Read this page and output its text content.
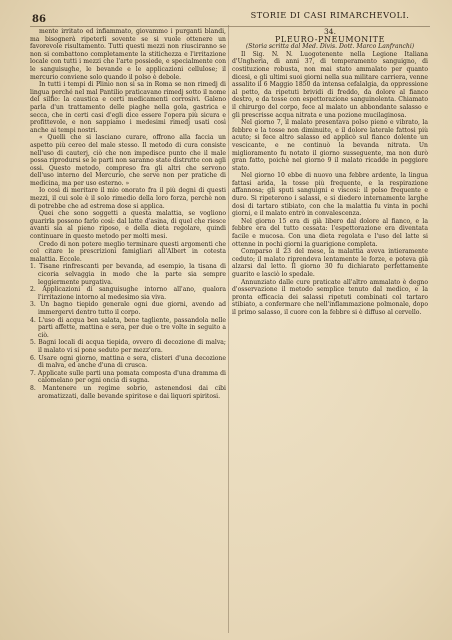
86	STORIE DI CASI RIMARCHEVOLI.

mente irritato ed infiammato, giovammo i purganti blandi, ma bisognerà ripeterli sovente se si vuole ottenere un favorevole risultamento. Tutti questi mezzi non riusciranno se non si combattono completamente la stitichezza e l'irritazione locale con tutti i mezzi che l'arte possiede, e specialmente con le sanguisughe, le bevande e le applicazioni cellulose; il mercurio conviene solo quando il polso è debole.

In tutti i tempi di Plinio non si sa in Roma se non rimedj di lingua perché nel mal Pantilio praticavano rimedj sotto il nome del silfio: la caustica e certi medicamenti corrosivi. Galeno parla d'un trattamento delle piaghe nella gola, gastrica e secca, che in certi casi d'egli dice essere l'opera più sicura e profittevole, e non sappiamo i medesimi rimedj usati così anche ai tempi nostri.

« Quelli che si lasciano curare, offrono alla faccia un aspetto più cereo del male stesso. Il metodo di cura consiste nell'uso di cauterj, ciò che non impedisce punto che il male possa riprodursi se le parti non saranno state distrutte con agli ossi. Questo metodo, compreso fra gli altri che servono dell'uso interno del Mercurio, che serve non per pratiche di medicina, ma per uso esterno. »

Io così di meritare il mio onorato fra il più degni di questi mezzi, il cui sole è il solo rimedio della loro forza, perchè non di potrebbe che ad estrema dose si applica.

Quei che sono soggetti a questa malattia, se vogliono guarirla possono farlo così: dal latte d'asina, di quel che riesce avanti sia al pieno riposo, e della dieta regolare, quindi continuare in questo metodo per molti mesi.

Credo di non potere meglio terminare questi argomenti che col citare le prescrizioni famigliari all'Albert in cotesta malattia. Eccole.

1. Tisane rinfrescanti per bevanda, ad esempio, la tisana di cicoria selvaggia in modo che la parte sia sempre leggiermente purgativa.
2. Applicazioni di sanguisughe intorno all'ano, qualora l'irritazione intorno al medesimo sia viva.
3. Un bagno tiepido generale ogni due giorni, avendo ad immergervi dentro tutto il corpo.
4. L'uso di acqua ben salata, bene tagliente, passandola nelle parti affette, mattina e sera, per due o tre volte in seguito a ciò.
5. Bagni locali di acqua tiepida, ovvero di decozione di malva; il malato vi si pone seduto per mezz'ora.
6. Usare ogni giorno, mattina e sera, clisteri d'una decozione di malva, ed anche d'una di crusca.
7. Applicate sulle parti una pomata composta d'una dramma di calomelano per ogni oncia di sugna.
8. Mantenere un regime sobrio, astenendosi dai cibi aromatizzati, dalle bevande spiritose e dai liquori spiritosi.

34.

PLEURO-PNEUMONITE

(Storia scritta dal Med. Divis. Dott. Marco Lanfranchi)

Il Sig. N. N. Luogotenente nella Legione Italiana d'Ungheria, di anni 37, di temperamento sanguigno, di costituzione robusta, non mai stato ammalato per quanto dicesi, e gli ultimi suoi giorni nella sua militare carriera, venne assalito il 6 Maggio 1850 da intensa cefalalgia, da oppressione al petto, da ripetuti brividi di freddo, da dolore al fianco destro, e da tosse con espettorazione sanguinolenta. Chiamato il chirurgo del corpo, fece al malato un abbondante salasso e gli prescrisse acqua nitrata e una pozione mucilaginosa.

Nel giorno 7, il malato presentava polso pieno e vibrato, la febbre e la tosse non diminuite, e il dolore laterale fattosi più acuto; si fece altro salasso ed applicò sul fianco dolente un vescicante, e ne continuò la bevanda nitrata. Un miglioramento fu notato il giorno susseguente, ma non durò gran fatto, poichè nel giorno 9 il malato ricadde in peggiore stato.

Nel giorno 10 ebbe di nuovo una febbre ardente, la lingua fattasi arida, la tosse più frequente, e la respirazione affannosa; gli sputi sanguigni e viscosi: il polso frequente e duro. Si ripeterono i salassi, e si diedero internamente larghe dosi di tartaro stibiato, con che la malattia fu vinta in pochi giorni, e il malato entrò in convalescenza.

Nel giorno 15 era di già libero dal dolore al fianco, e la febbre era del tutto cessata: l'espettorazione era diventata facile e mucosa. Con una dieta regolata e l'uso del latte si ottenne in pochi giorni la guarigione completa.

Comparso il 23 del mese, la malattia aveva intieramente ceduto; il malato riprendeva lentamente le forze, e poteva già alzarsi dal letto. Il giorno 30 fu dichiarato perfettamente guarito e lasciò lo spedale.

Annunziato dalle cure praticate all'altro ammalato è degno d'osservazione il metodo semplice tenuto dal medico, e la pronta efficacia dei salassi ripetuti combinati col tartaro stibiato, a confermare che nell'inflammazione polmonale, dopo il primo salasso, il cuore con la febbre si è diffuso al cervello.
